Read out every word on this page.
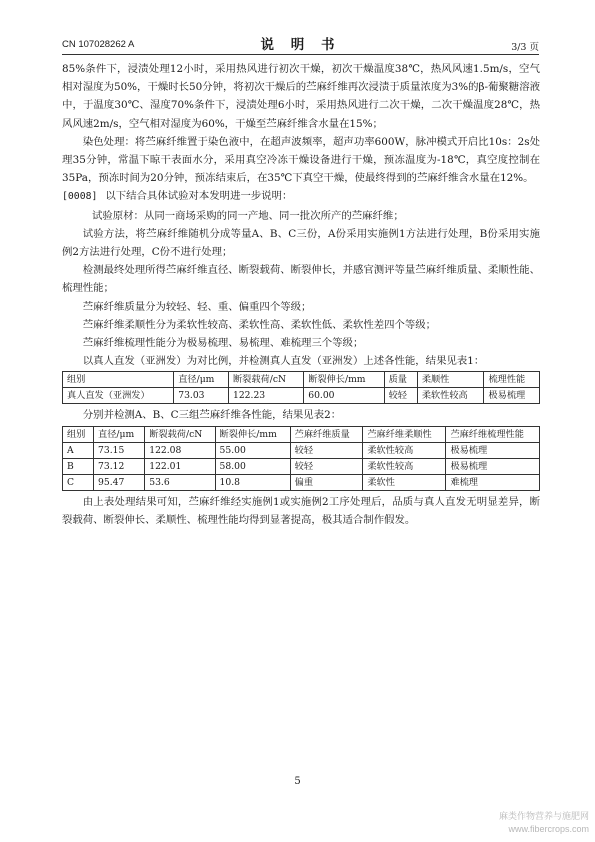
CN 107028262 A	说 明 书	3/3 页

85%条件下，浸渍处理12小时，采用热风进行初次干燥，初次干燥温度38℃，热风风速1.5m/s，空气相对湿度为50%，干燥时长50分钟，将初次干燥后的苎麻纤维再次浸渍于质量浓度为3%的β-葡聚糖溶液中，于温度30℃、湿度70%条件下，浸渍处理6小时，采用热风进行二次干燥，二次干燥温度28℃，热风风速2m/s，空气相对湿度为60%，干燥至苎麻纤维含水量在15%；

染色处理：将苎麻纤维置于染色液中，在超声波频率，超声功率600W，脉冲模式开启比10s：2s处理35分钟，常温下晾干表面水分，采用真空冷冻干燥设备进行干燥，预冻温度为-18℃，真空度控制在35Pa，预冻时间为20分钟，预冻结束后，在35℃下真空干燥，使最终得到的苎麻纤维含水量在12%。

[0008] 以下结合具体试验对本发明进一步说明：

试验原材：从同一商场采购的同一产地、同一批次所产的苎麻纤维；

试验方法，将苎麻纤维随机分成等量A、B、C三份，A份采用实施例1方法进行处理，B份采用实施例2方法进行处理，C份不进行处理；

检测最终处理所得苎麻纤维直径、断裂载荷、断裂伸长，并感官测评等量苎麻纤维质量、柔顺性能、梳理性能；

苎麻纤维质量分为较轻、轻、重、偏重四个等级；

苎麻纤维柔顺性分为柔软性较高、柔软性高、柔软性低、柔软性差四个等级；

苎麻纤维梳理性能分为极易梳理、易梳理、难梳理三个等级；

以真人直发（亚洲发）为对比例，并检测真人直发（亚洲发）上述各性能，结果见表1：

组别	直径/μm	断裂载荷/cN	断裂伸长/mm	质量	柔顺性	梳理性能
真人直发（亚洲发）	73.03	122.23	60.00	较轻	柔软性较高	极易梳理

分别并检测A、B、C三组苎麻纤维各性能，结果见表2：

组别	直径/μm	断裂载荷/cN	断裂伸长/mm	苎麻纤维质量	苎麻纤维柔顺性	苎麻纤维梳理性能
A	73.15	122.08	55.00	较轻	柔软性较高	极易梳理
B	73.12	122.01	58.00	较轻	柔软性较高	极易梳理
C	95.47	53.6	10.8	偏重	柔软性	难梳理

由上表处理结果可知，苎麻纤维经实施例1或实施例2工序处理后，品质与真人直发无明显差异，断裂载荷、断裂伸长、柔顺性、梳理性能均得到显著提高，极其适合制作假发。

5
麻类作物营养与施肥网
www.fibercrops.com
